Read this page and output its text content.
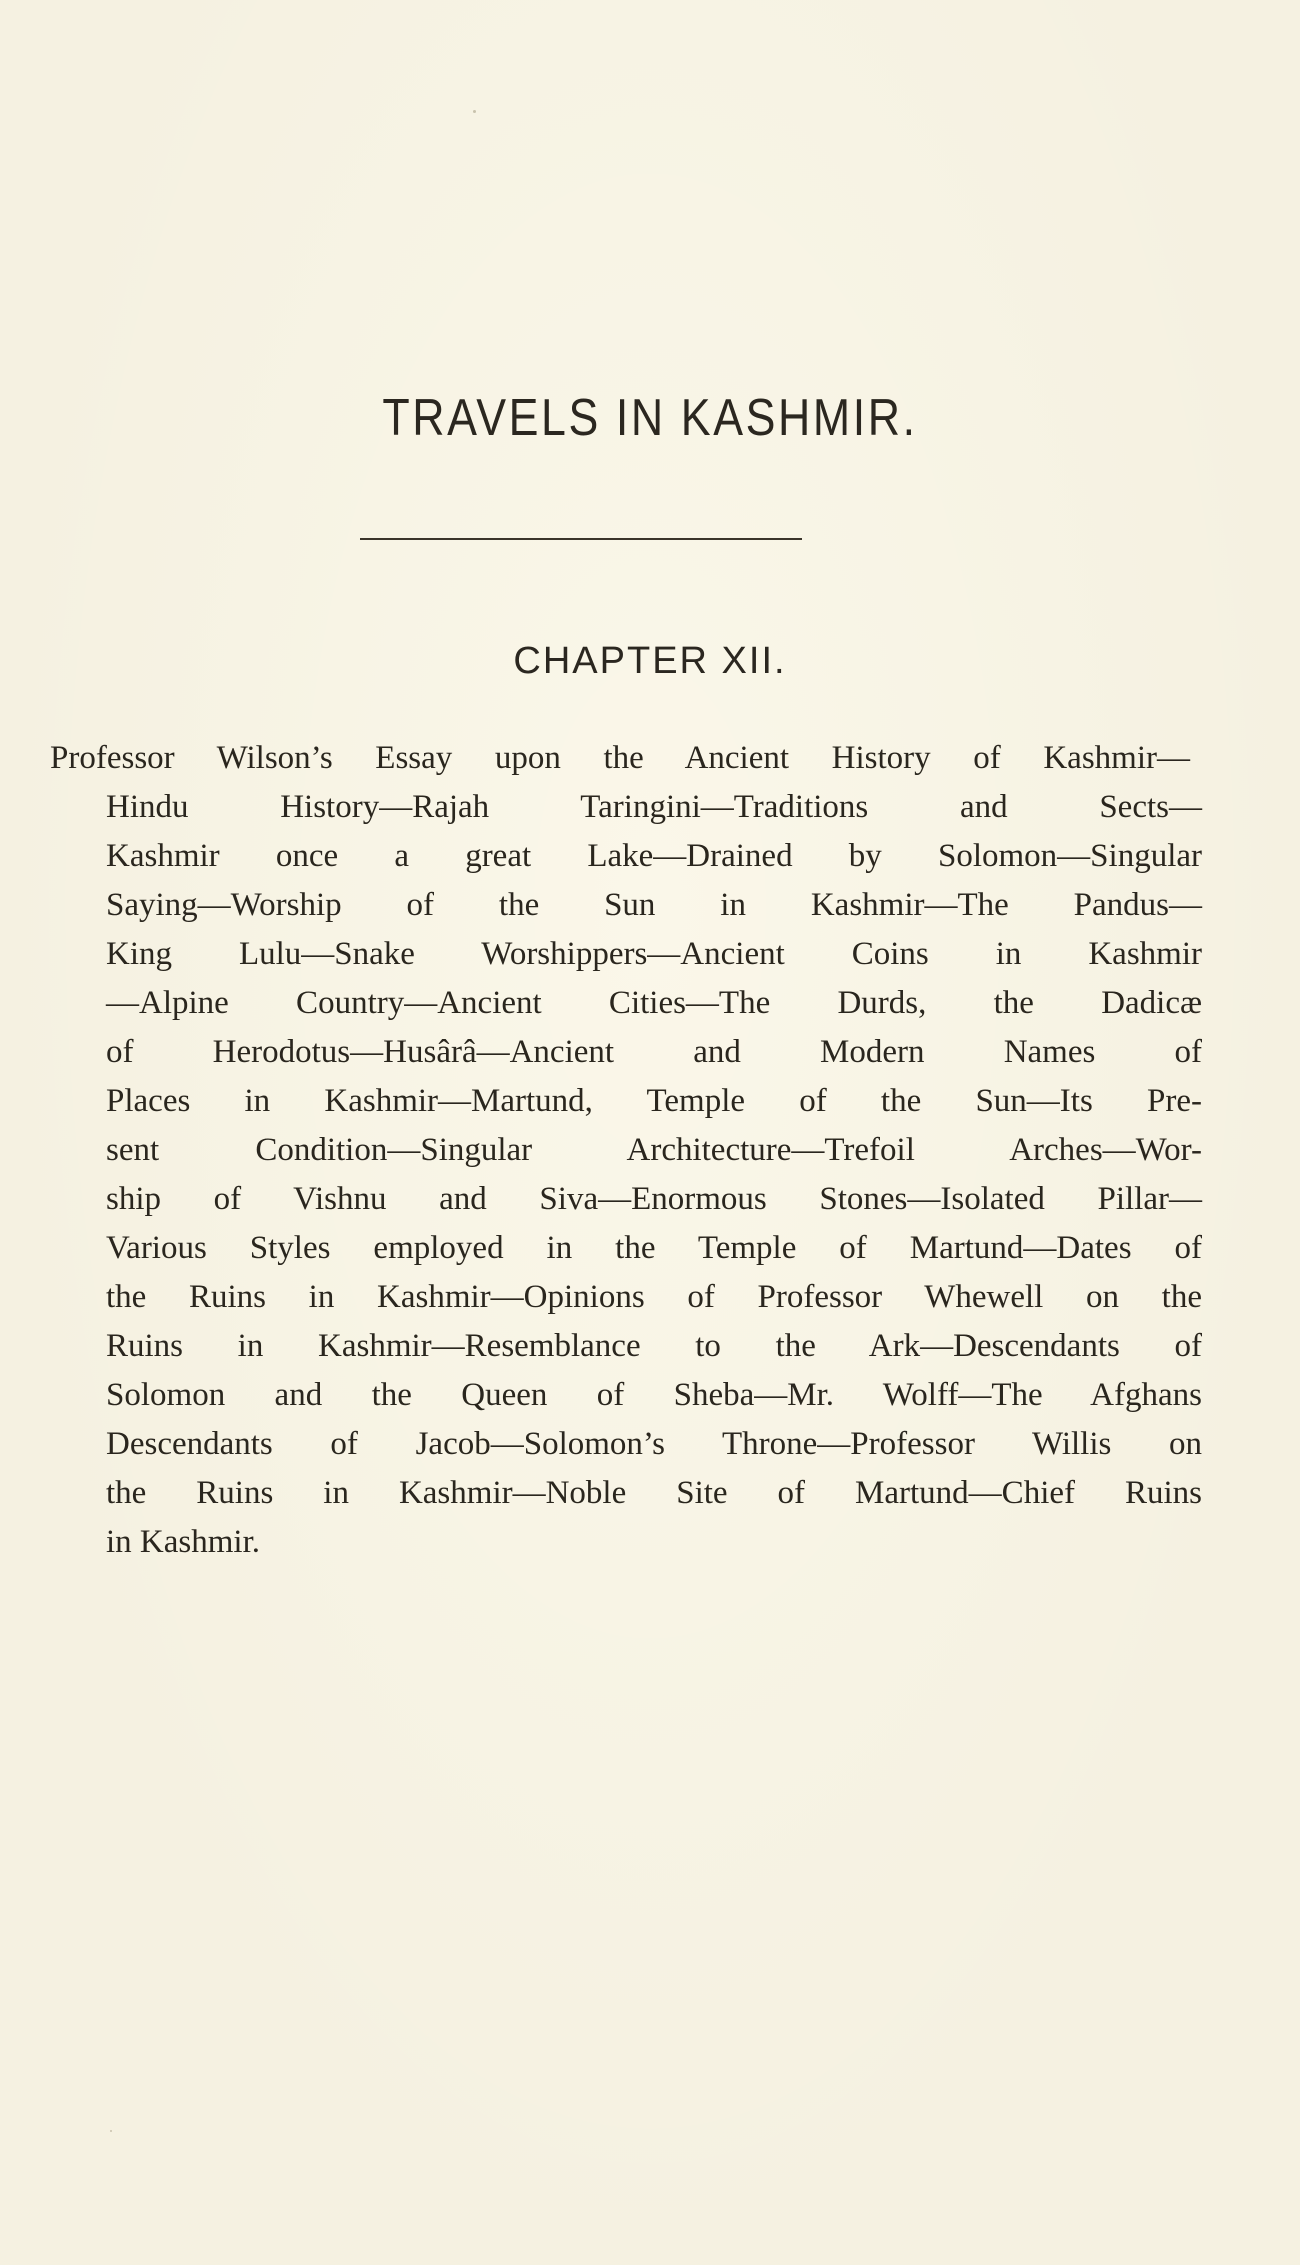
TRAVELS IN KASHMIR.
CHAPTER XII.

Professor Wilson’s Essay upon the Ancient History of Kashmir—
Hindu History—Rajah Taringini—Traditions and Sects—
Kashmir once a great Lake—Drained by Solomon—Singular
Saying—Worship of the Sun in Kashmir—The Pandus—
King Lulu—Snake Worshippers—Ancient Coins in Kashmir
—Alpine Country—Ancient Cities—The Durds, the Dadicæ
of Herodotus—Husârâ—Ancient and Modern Names of
Places in Kashmir—Martund, Temple of the Sun—Its Pre-
sent Condition—Singular Architecture—Trefoil Arches—Wor-
ship of Vishnu and Siva—Enormous Stones—Isolated Pillar—
Various Styles employed in the Temple of Martund—Dates of
the Ruins in Kashmir—Opinions of Professor Whewell on the
Ruins in Kashmir—Resemblance to the Ark—Descendants of
Solomon and the Queen of Sheba—Mr. Wolff—The Afghans
Descendants of Jacob—Solomon’s Throne—Professor Willis on
the Ruins in Kashmir—Noble Site of Martund—Chief Ruins
in Kashmir.
